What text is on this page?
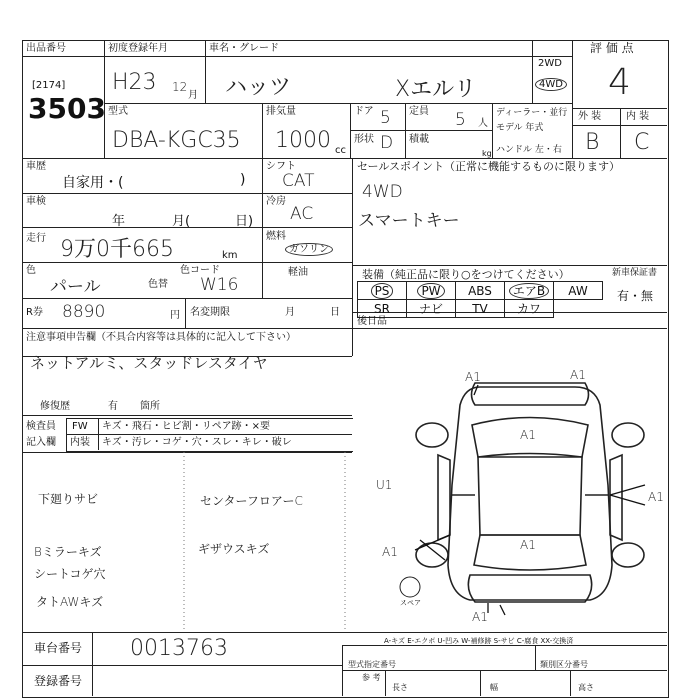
出品番号
[2174]
3503
初度登録年月
H23 12
月
車名・グレード
ハッツ	Xエルリ
2WD
4WD
評 価 点
4
型式
DBA-KGC35
排気量
1000 cc
ドア 5
形状 D
定員 5 人
積載
kg
ディーラー・並行
モデル 年式
ハンドル 左・右
外 装 内 装
B C
車歴
自家用・(	)
車検
年	月(	日)
走行 9万0千665	km
色
パール	色替
色コード
W16
R券 8890	円 名変期限	月	日
シフト
CAT
冷房
AC
燃料
ガソリン
軽油
セールスポイント（正常に機能するものに限ります）
4WD
スマートキー
装備（純正品に限り○をつけてください）	新車保証書
有・無
PS	PW	ABS	エアB	AW
SR	ナビ	TV	カワ	
後日品
注意事項申告欄（不具合内容等は具体的に記入して下さい）
ネットアルミ、スタッドレスタイヤ
修復歴	有 箇所
検査員
記入欄
FW キズ・飛石・ヒビ割・リペア跡・×要
内装 キズ・汚レ・コゲ・穴・スレ・キレ・破レ
下廻りサビ	センターフロアーC
Bミラーキズ	ギザウスキズ
シートコゲ穴
タトAWキズ
A1	A1
A1
U1
A1
A1	A1
A1
スペア
車台番号 0013763
登録番号
A-キズ E-エクボ U-凹み W-補修跡 S-サビ C-腐食 XX-交換済
型式指定番号	類別区分番号
参 考
長さ	幅	高さ
